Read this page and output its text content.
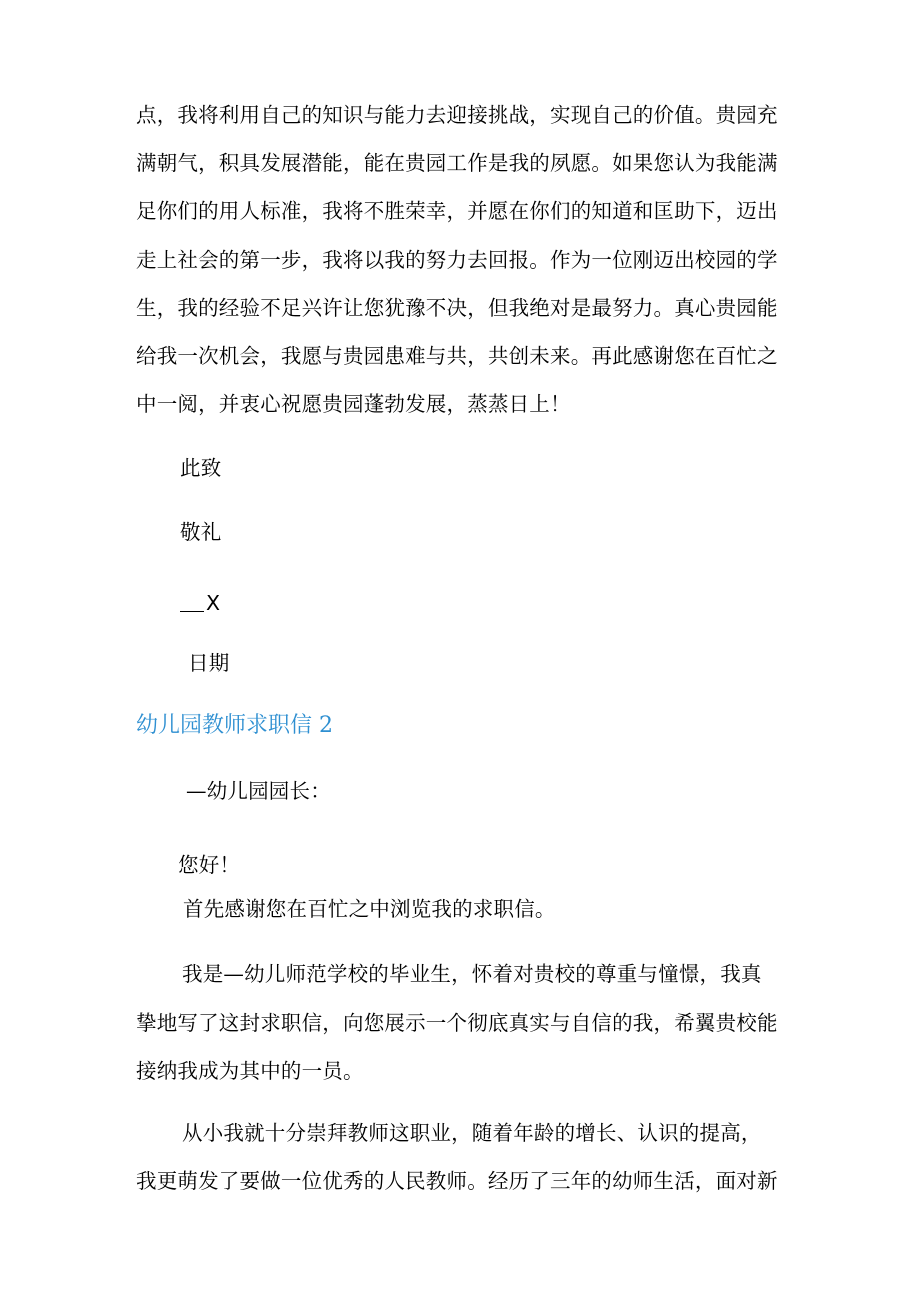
点，我将利用自己的知识与能力去迎接挑战，实现自己的价值。贵园充
满朝气，积具发展潜能，能在贵园工作是我的夙愿。如果您认为我能满
足你们的用人标准，我将不胜荣幸，并愿在你们的知道和匡助下，迈出
走上社会的第一步，我将以我的努力去回报。作为一位刚迈出校园的学
生，我的经验不足兴许让您犹豫不决，但我绝对是最努力。真心贵园能
给我一次机会，我愿与贵园患难与共，共创未来。再此感谢您在百忙之
中一阅，并衷心祝愿贵园蓬勃发展，蒸蒸日上！
此致
敬礼
X
日期
幼儿园教师求职信 2
—幼儿园园长：
您好！
首先感谢您在百忙之中浏览我的求职信。
我是—幼儿师范学校的毕业生，怀着对贵校的尊重与憧憬，我真
挚地写了这封求职信，向您展示一个彻底真实与自信的我，希翼贵校能
接纳我成为其中的一员。
从小我就十分崇拜教师这职业，随着年龄的增长、认识的提高，
我更萌发了要做一位优秀的人民教师。经历了三年的幼师生活，面对新
